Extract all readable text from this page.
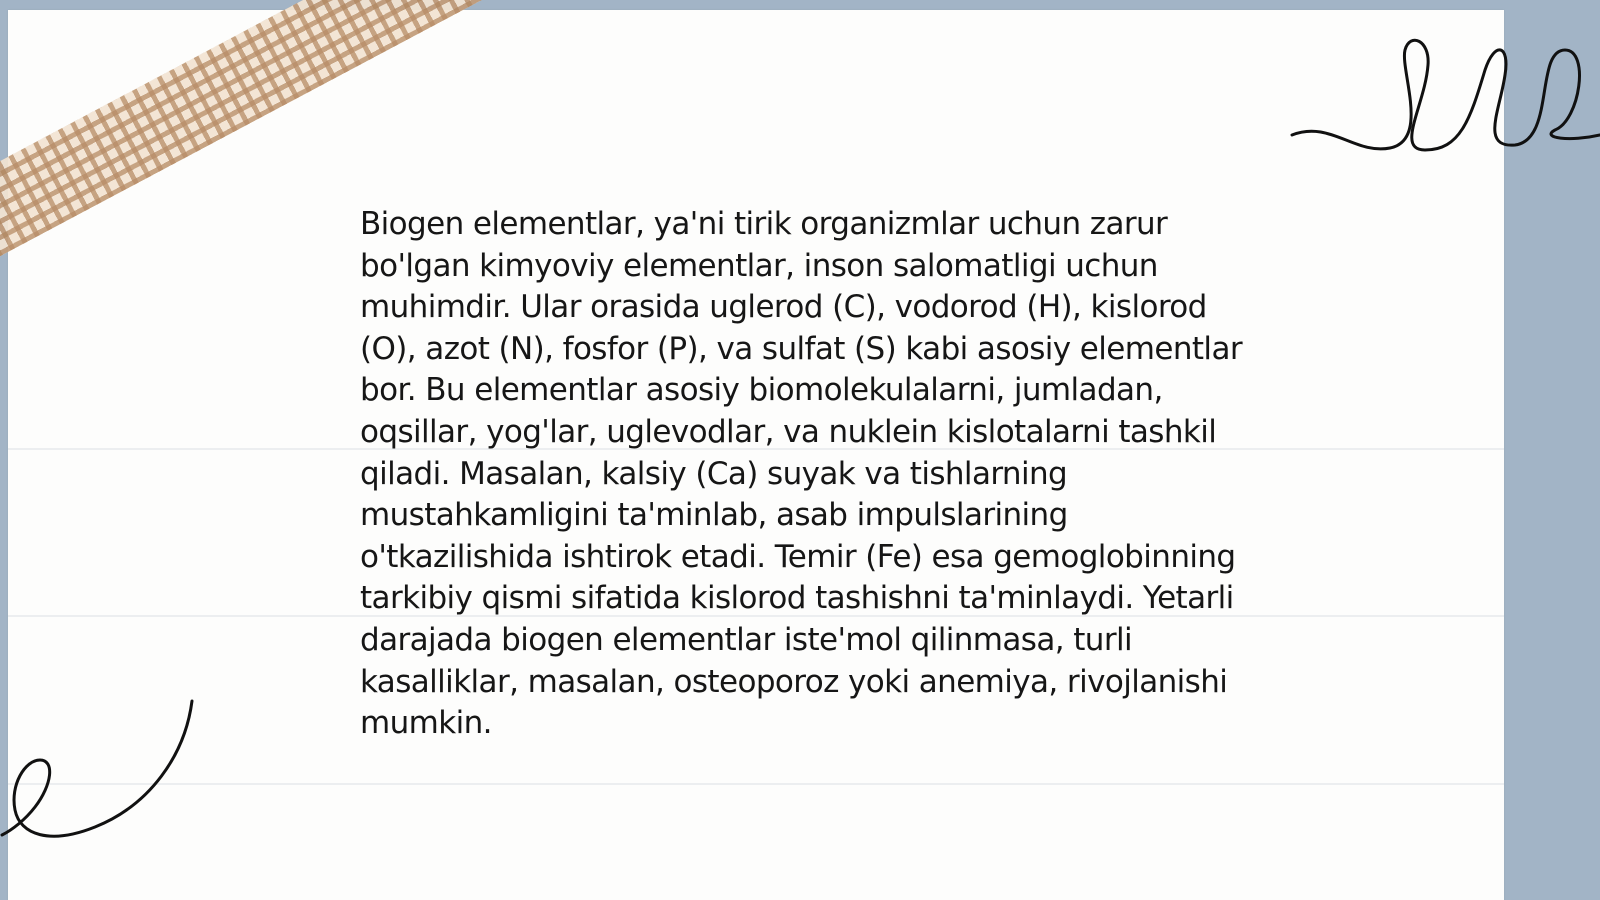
Biogen elementlar, ya'ni tirik organizmlar uchun zarur bo'lgan kimyoviy elementlar, inson salomatligi uchun muhimdir. Ular orasida uglerod (C), vodorod (H), kislorod (O), azot (N), fosfor (P), va sulfat (S) kabi asosiy elementlar bor. Bu elementlar asosiy biomolekulalarni, jumladan, oqsillar, yog'lar, uglevodlar, va nuklein kislotalarni tashkil qiladi. Masalan, kalsiy (Ca) suyak va tishlarning mustahkamligini ta'minlab, asab impulslarining o'tkazilishida ishtirok etadi. Temir (Fe) esa gemoglobinning tarkibiy qismi sifatida kislorod tashishni ta'minlaydi. Yetarli darajada biogen elementlar iste'mol qilinmasa, turli kasalliklar, masalan, osteoporoz yoki anemiya, rivojlanishi mumkin.
